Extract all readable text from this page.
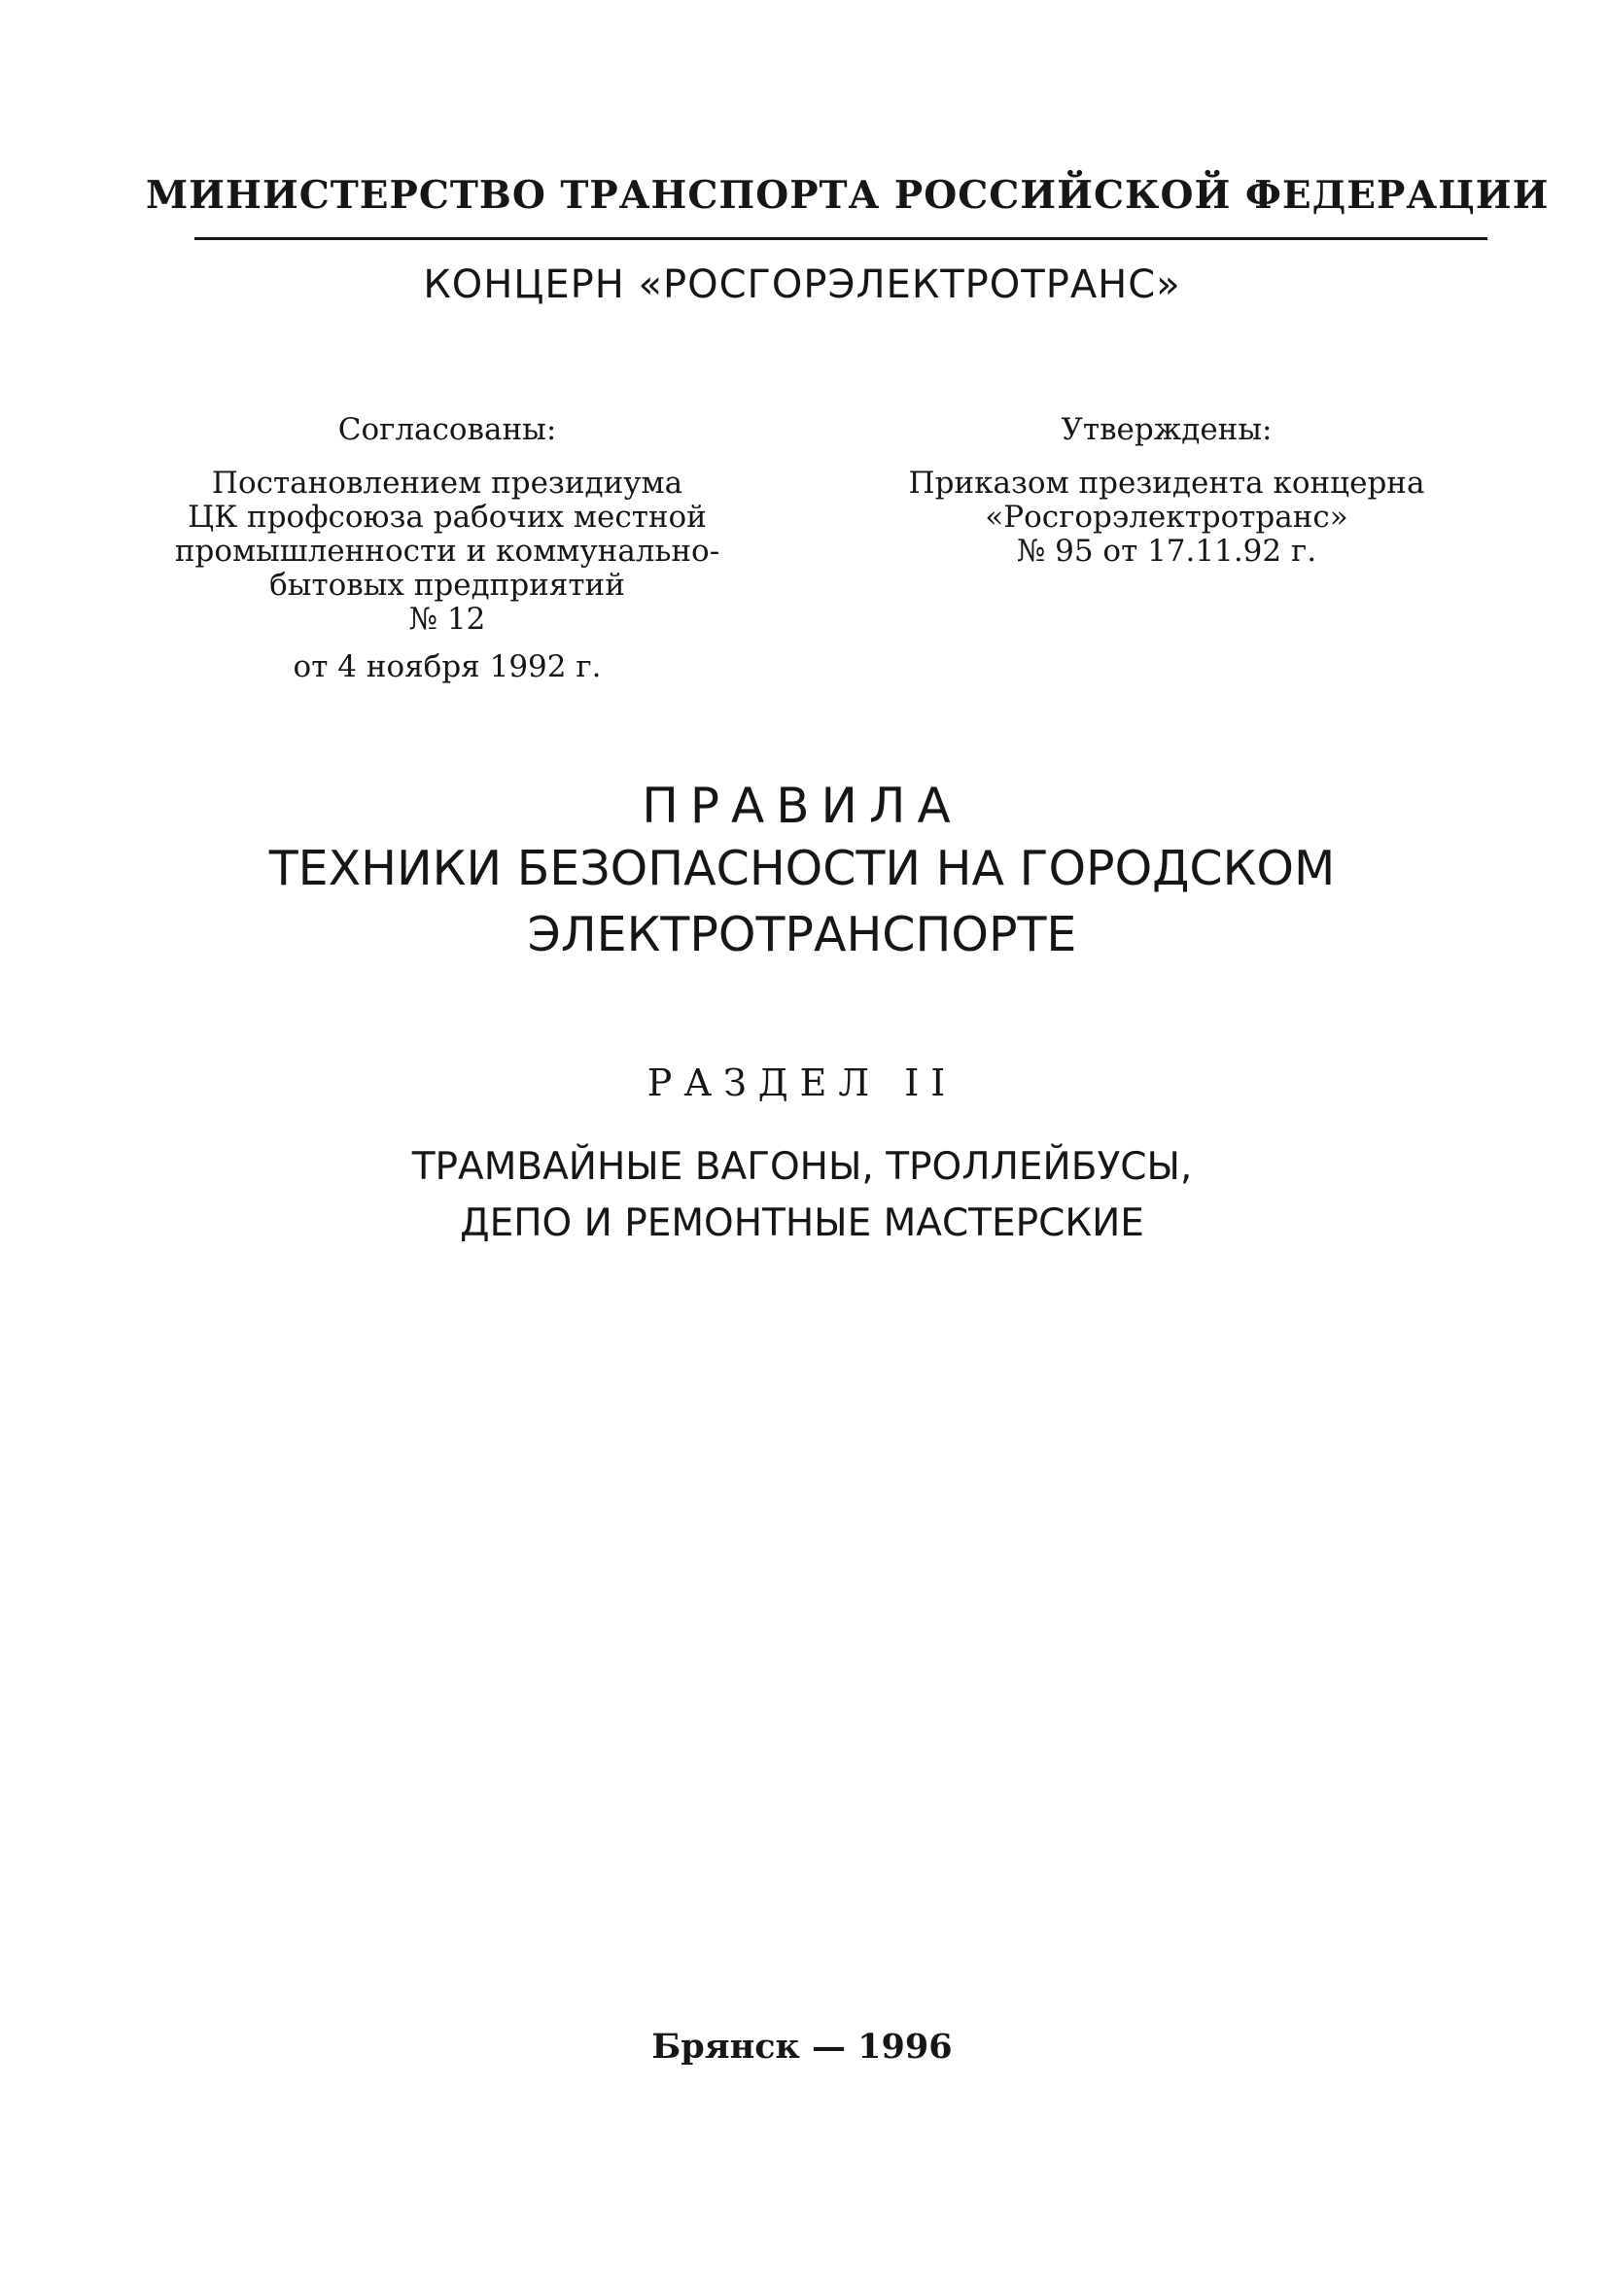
МИНИСТЕРСТВО ТРАНСПОРТА РОССИЙСКОЙ ФЕДЕРАЦИИ
КОНЦЕРН «РОСГОРЭЛЕКТРОТРАНС»
Согласованы:
Постановлением президиума
ЦК профсоюза рабочих местной
промышленности и коммунально-
бытовых предприятий
№ 12
от 4 ноября 1992 г.
Утверждены:
Приказом президента концерна
«Росгорэлектротранс»
№ 95 от 17.11.92 г.
ПРАВИЛА
ТЕХНИКИ БЕЗОПАСНОСТИ НА ГОРОДСКОМ
ЭЛЕКТРОТРАНСПОРТЕ
РАЗДЕЛ II
ТРАМВАЙНЫЕ ВАГОНЫ, ТРОЛЛЕЙБУСЫ,
ДЕПО И РЕМОНТНЫЕ МАСТЕРСКИЕ
Брянск — 1996
